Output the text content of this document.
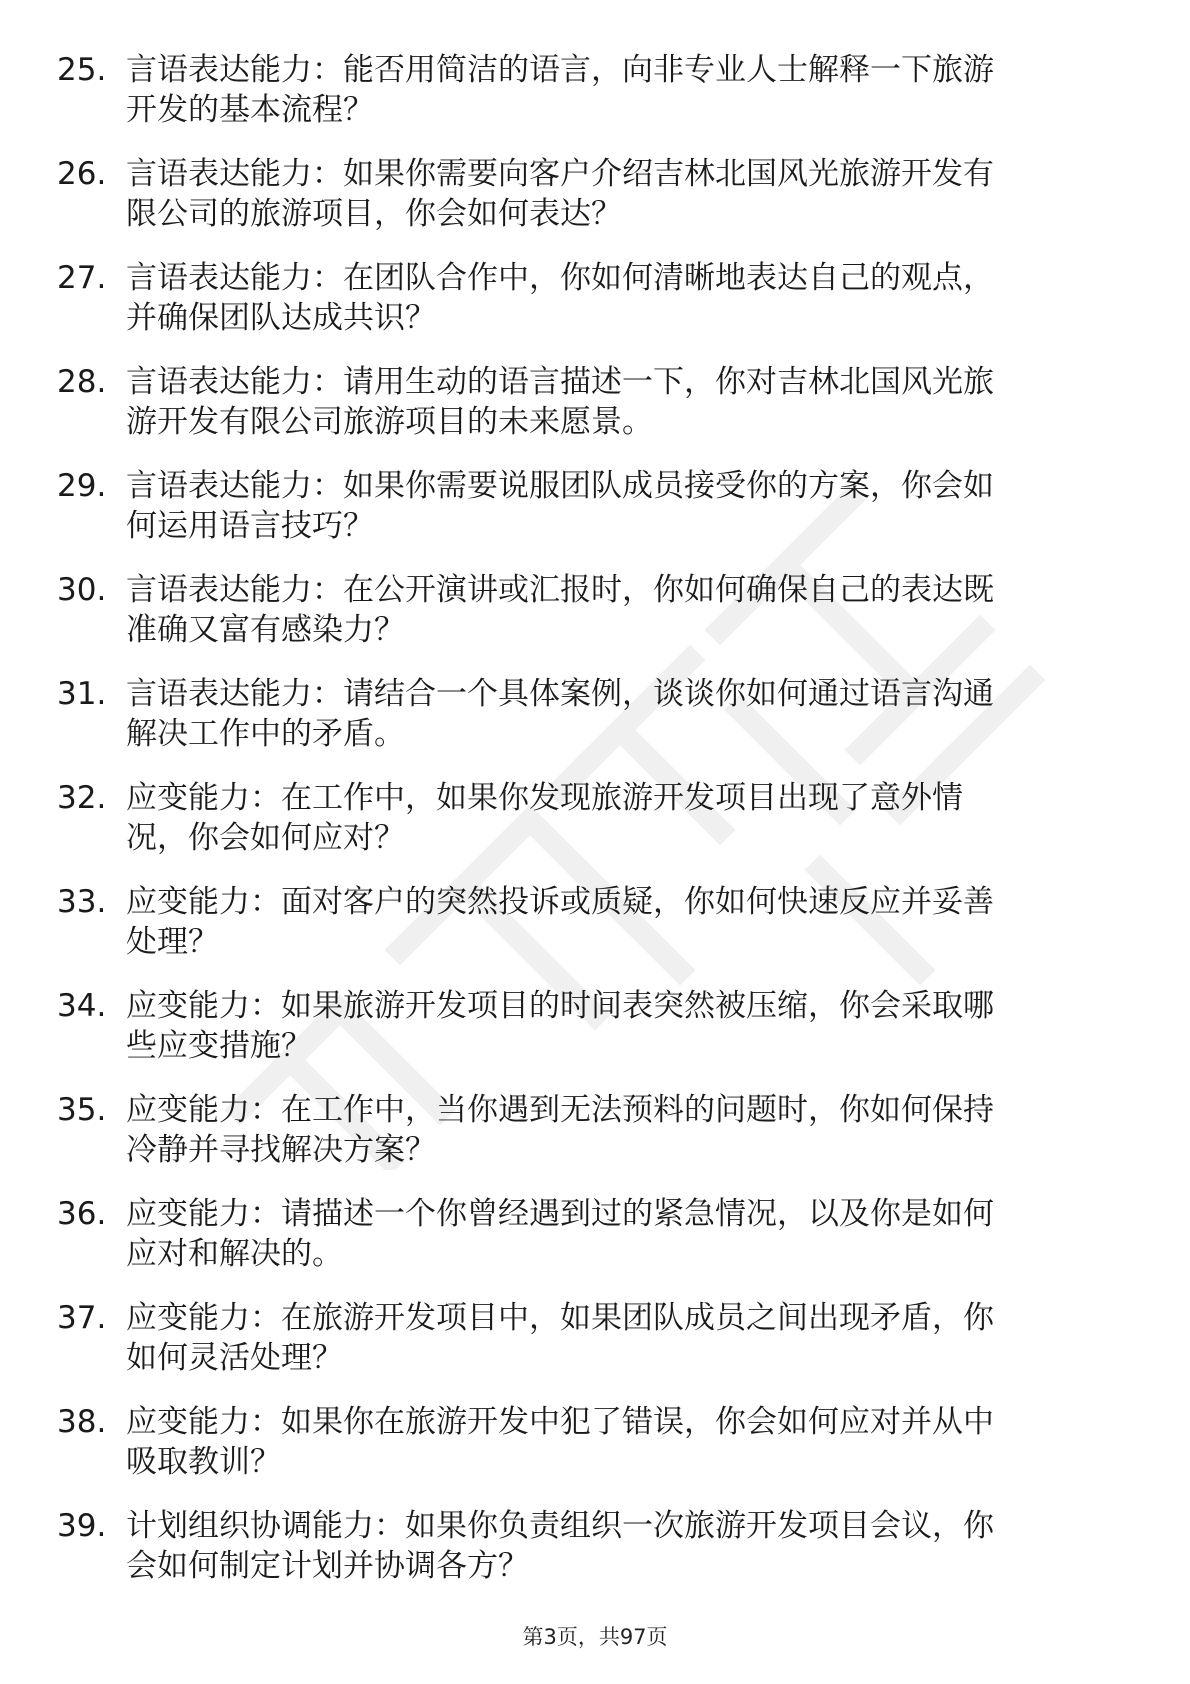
25. 言语表达能力：能否用简洁的语言，向非专业人士解释一下旅游
开发的基本流程？
26. 言语表达能力：如果你需要向客户介绍吉林北国风光旅游开发有
限公司的旅游项目，你会如何表达？
27. 言语表达能力：在团队合作中，你如何清晰地表达自己的观点，
并确保团队达成共识？
28. 言语表达能力：请用生动的语言描述一下，你对吉林北国风光旅
游开发有限公司旅游项目的未来愿景。
29. 言语表达能力：如果你需要说服团队成员接受你的方案，你会如
何运用语言技巧？
30. 言语表达能力：在公开演讲或汇报时，你如何确保自己的表达既
准确又富有感染力？
31. 言语表达能力：请结合一个具体案例，谈谈你如何通过语言沟通
解决工作中的矛盾。
32. 应变能力：在工作中，如果你发现旅游开发项目出现了意外情
况，你会如何应对？
33. 应变能力：面对客户的突然投诉或质疑，你如何快速反应并妥善
处理？
34. 应变能力：如果旅游开发项目的时间表突然被压缩，你会采取哪
些应变措施？
35. 应变能力：在工作中，当你遇到无法预料的问题时，你如何保持
冷静并寻找解决方案？
36. 应变能力：请描述一个你曾经遇到过的紧急情况，以及你是如何
应对和解决的。
37. 应变能力：在旅游开发项目中，如果团队成员之间出现矛盾，你
如何灵活处理？
38. 应变能力：如果你在旅游开发中犯了错误，你会如何应对并从中
吸取教训？
39. 计划组织协调能力：如果你负责组织一次旅游开发项目会议，你
会如何制定计划并协调各方？
第3页，共97页
